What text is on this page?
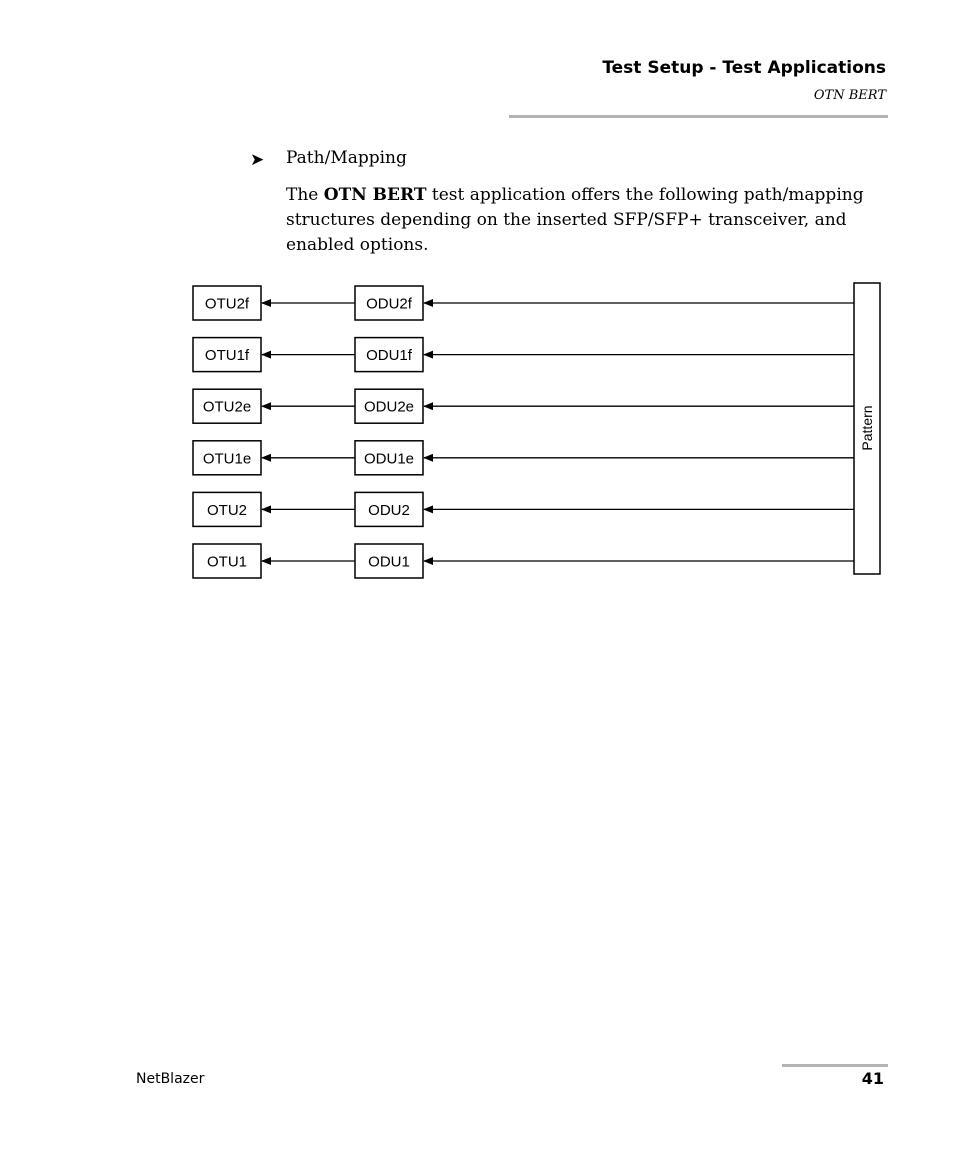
Test Setup - Test Applications
OTN BERT
➤ Path/Mapping
The OTN BERT test application offers the following path/mapping
structures depending on the inserted SFP/SFP+ transceiver, and
enabled options.
Pattern
OTU2f	ODU2f
OTU1f	ODU1f
OTU2e	ODU2e
OTU1e	ODU1e
OTU2	ODU2
OTU1	ODU1
NetBlazer	41
